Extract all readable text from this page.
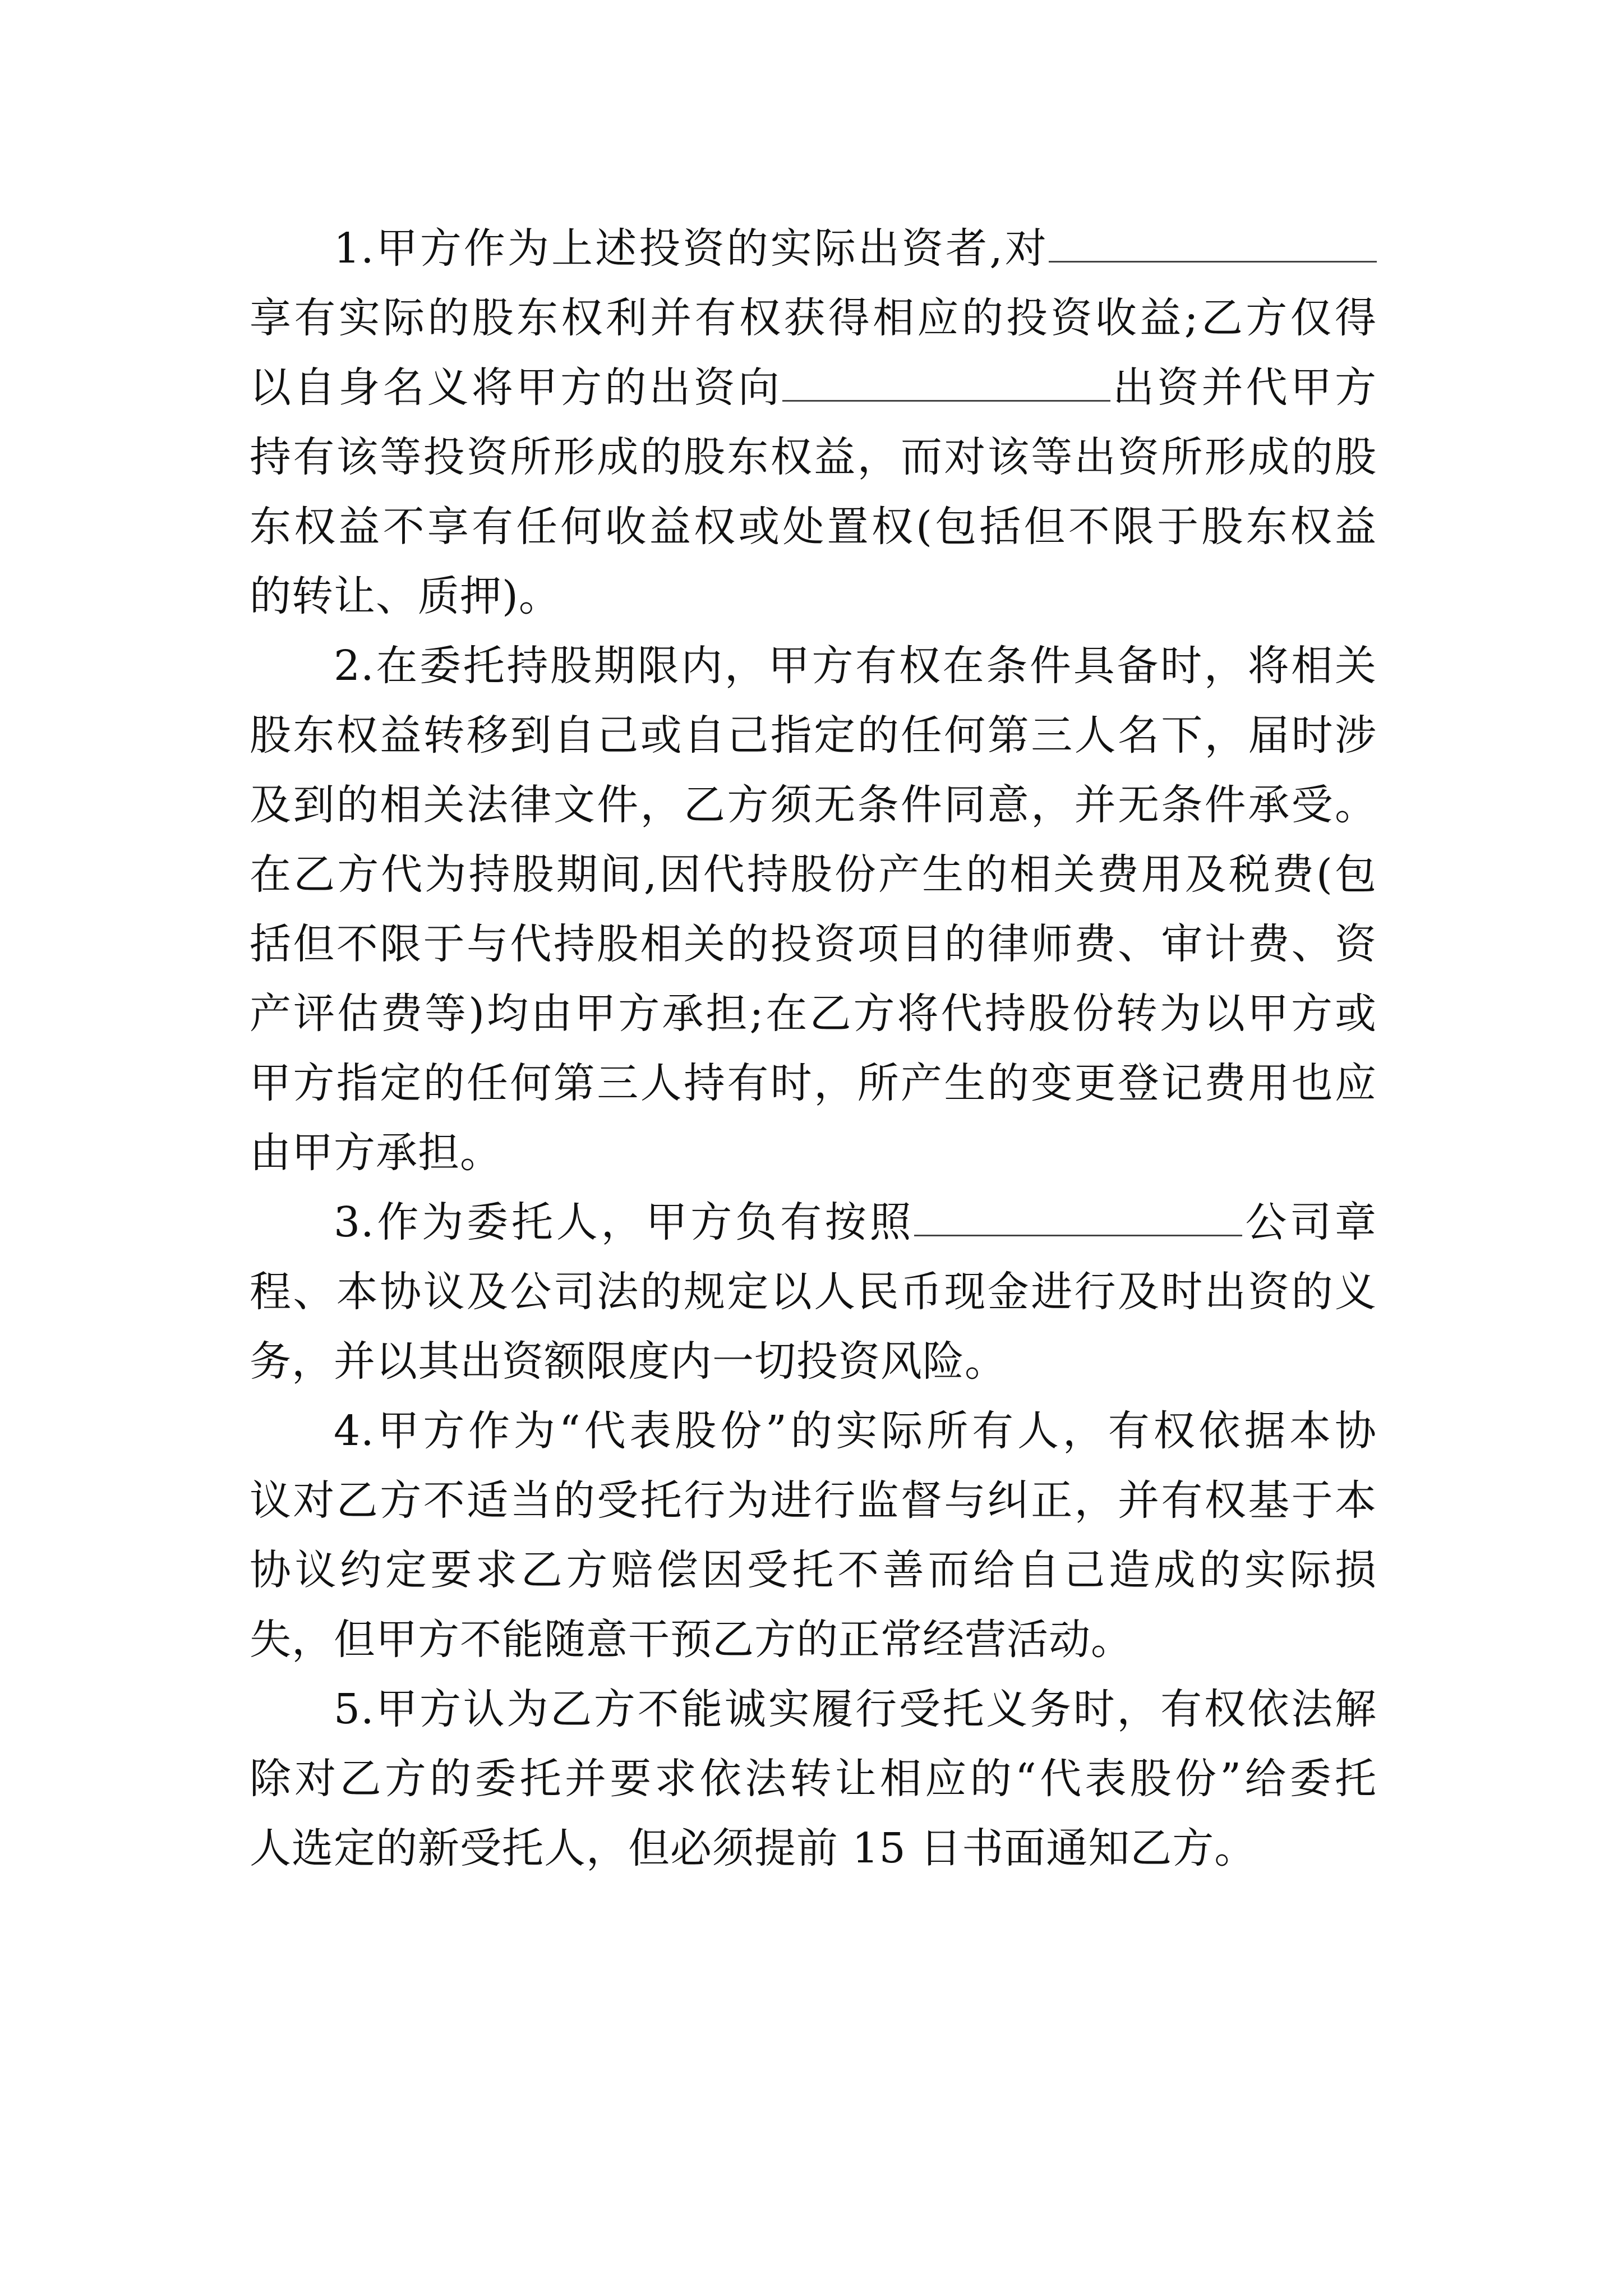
1.甲方作为上述投资的实际出资者,对
享有实际的股东权利并有权获得相应的投资收益;乙方仅得
以自身名义将甲方的出资向	出资并代甲方
持有该等投资所形成的股东权益，而对该等出资所形成的股
东权益不享有任何收益权或处置权(包括但不限于股东权益
的转让、质押)。
2.在委托持股期限内，甲方有权在条件具备时，将相关
股东权益转移到自己或自己指定的任何第三人名下，届时涉
及到的相关法律文件，乙方须无条件同意，并无条件承受。
在乙方代为持股期间,因代持股份产生的相关费用及税费(包
括但不限于与代持股相关的投资项目的律师费、审计费、资
产评估费等)均由甲方承担;在乙方将代持股份转为以甲方或
甲方指定的任何第三人持有时，所产生的变更登记费用也应
由甲方承担。
3.作为委托人，甲方负有按照	公司章
程、本协议及公司法的规定以人民币现金进行及时出资的义
务，并以其出资额限度内一切投资风险。
4.甲方作为“代表股份”的实际所有人，有权依据本协
议对乙方不适当的受托行为进行监督与纠正，并有权基于本
协议约定要求乙方赔偿因受托不善而给自己造成的实际损
失，但甲方不能随意干预乙方的正常经营活动。
5.甲方认为乙方不能诚实履行受托义务时，有权依法解
除对乙方的委托并要求依法转让相应的“代表股份”给委托
人选定的新受托人，但必须提前 15 日书面通知乙方。
